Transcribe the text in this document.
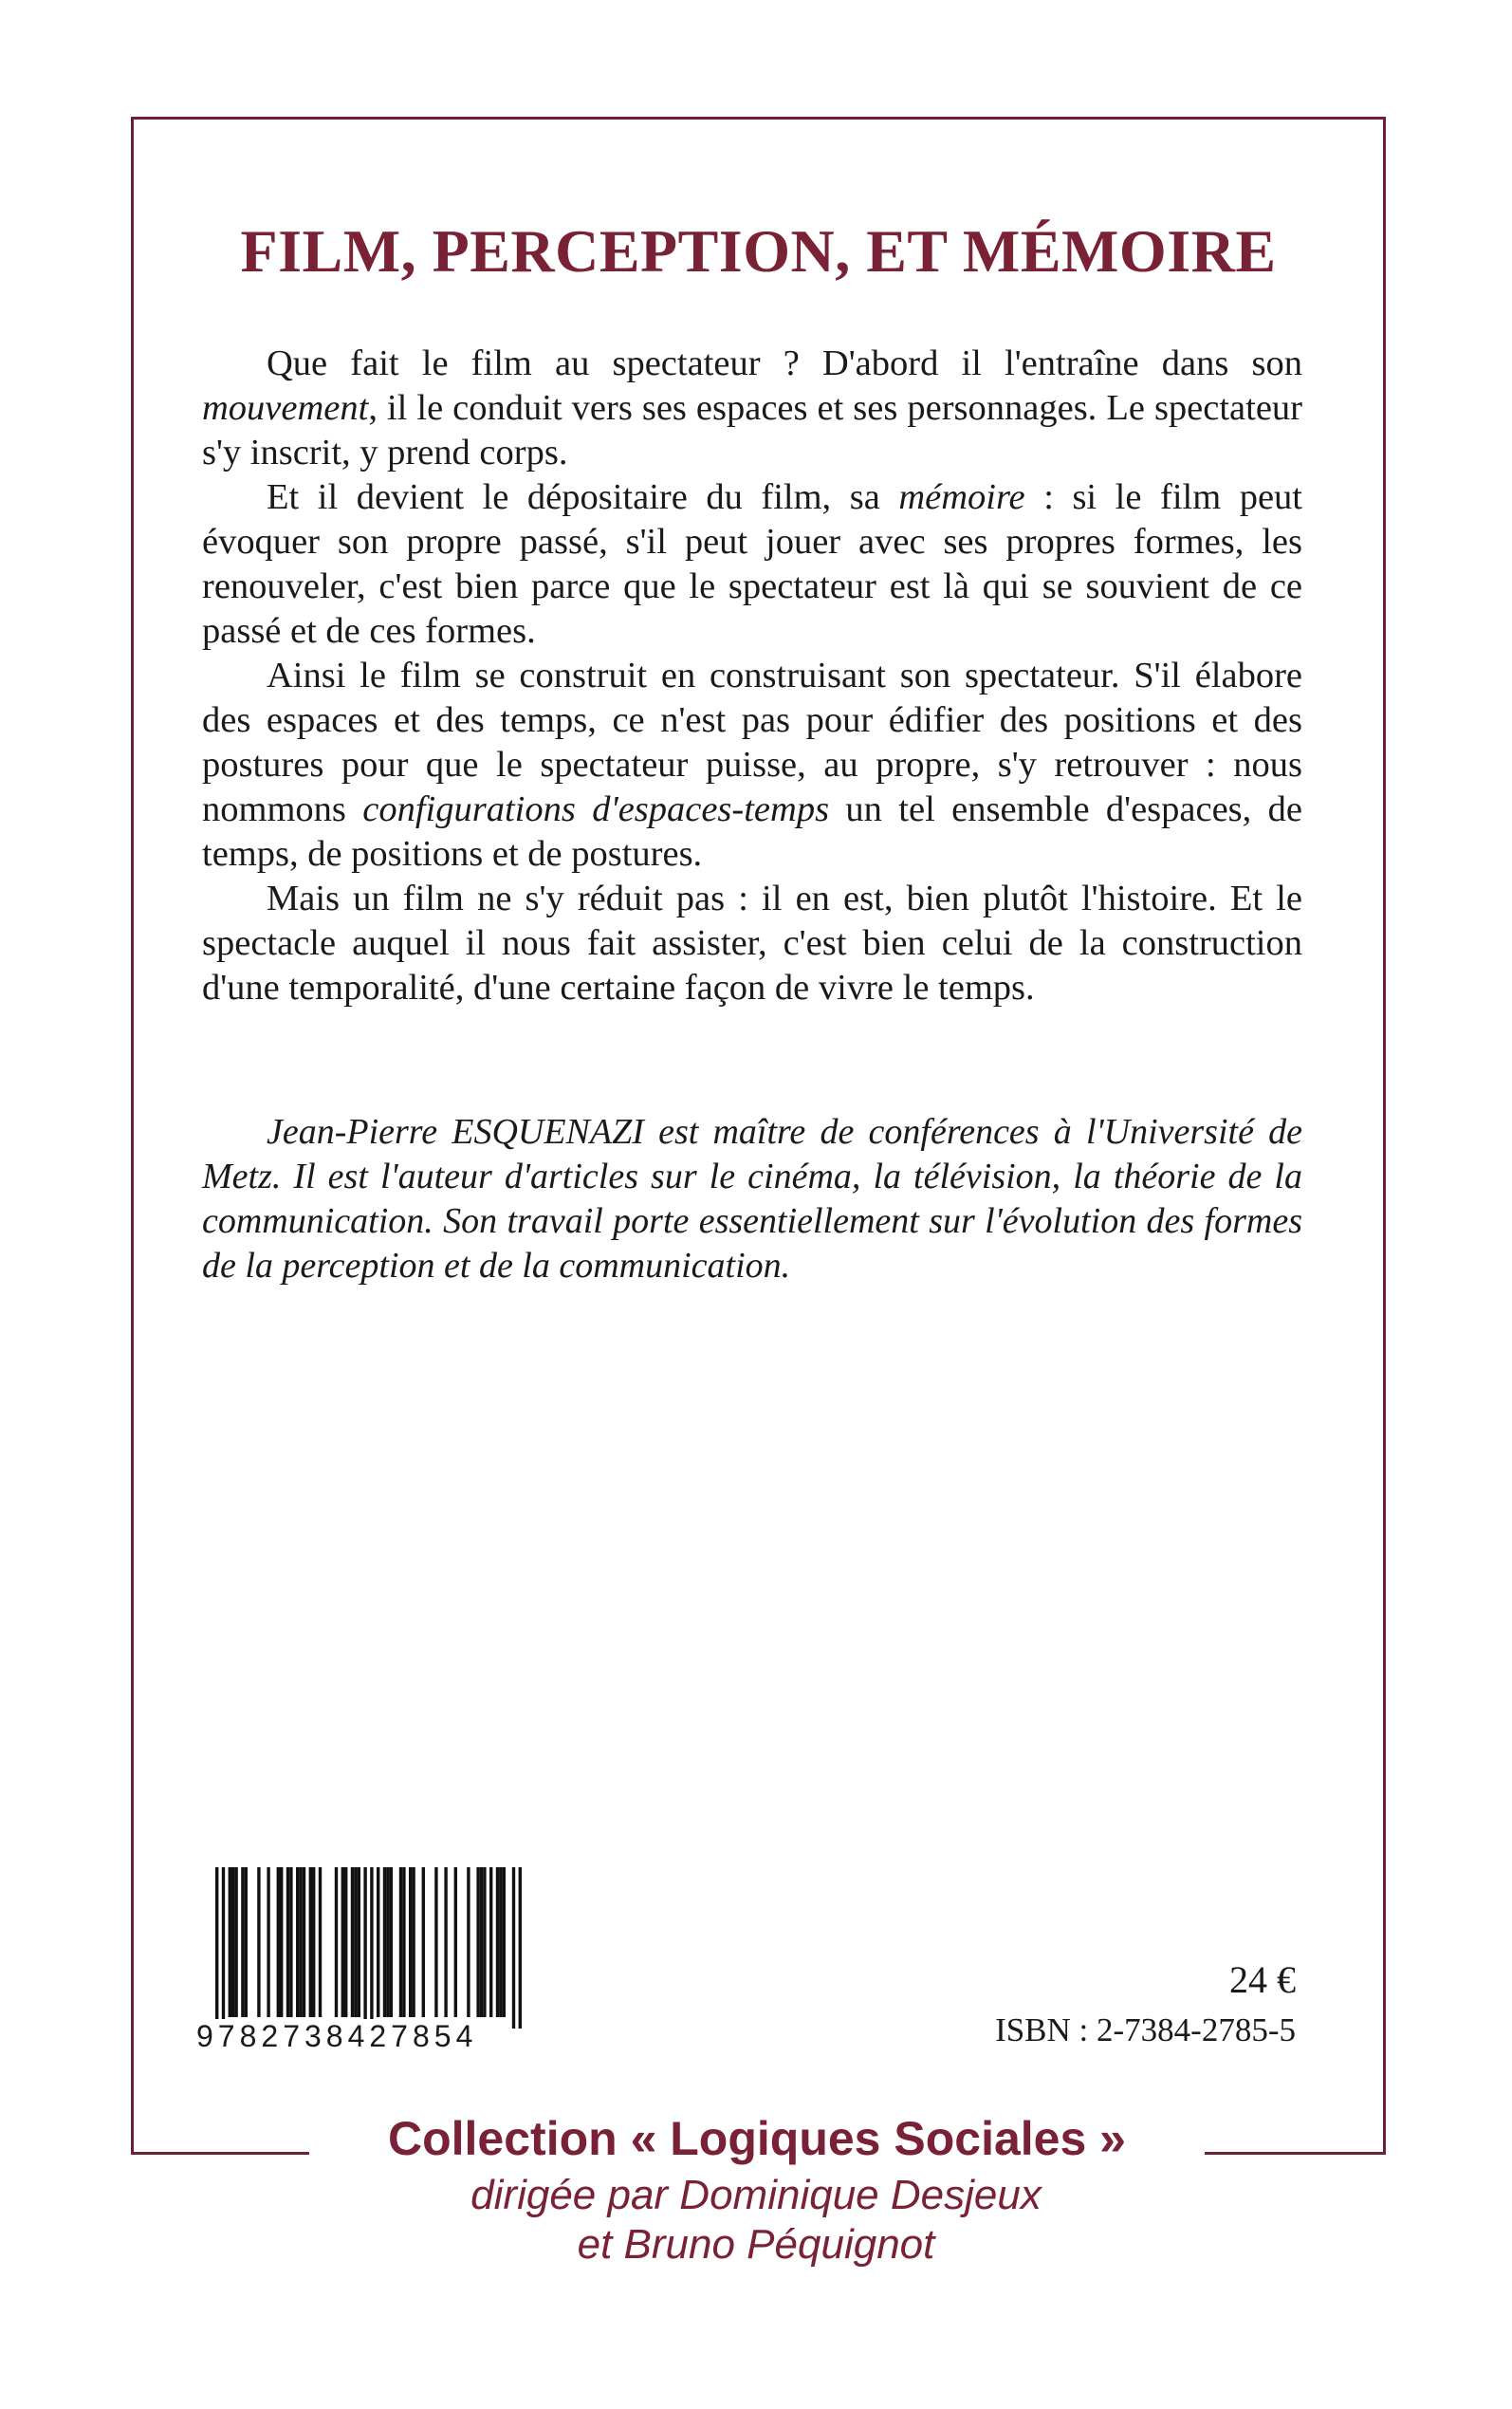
FILM, PERCEPTION, ET MÉMOIRE

Que fait le film au spectateur ? D'abord il l'entraîne dans son mouvement, il le conduit vers ses espaces et ses personnages. Le spectateur s'y inscrit, y prend corps.

Et il devient le dépositaire du film, sa mémoire : si le film peut évoquer son propre passé, s'il peut jouer avec ses propres formes, les renouveler, c'est bien parce que le spectateur est là qui se souvient de ce passé et de ces formes.

Ainsi le film se construit en construisant son spectateur. S'il élabore des espaces et des temps, ce n'est pas pour édifier des positions et des postures pour que le spectateur puisse, au propre, s'y retrouver : nous nommons configurations d'espaces-temps un tel ensemble d'espaces, de temps, de positions et de postures.

Mais un film ne s'y réduit pas : il en est, bien plutôt l'histoire. Et le spectacle auquel il nous fait assister, c'est bien celui de la construction d'une temporalité, d'une certaine façon de vivre le temps.

Jean-Pierre ESQUENAZI est maître de conférences à l'Université de Metz. Il est l'auteur d'articles sur le cinéma, la télévision, la théorie de la communication. Son travail porte essentiellement sur l'évolution des formes de la perception et de la communication.

9782738427854
24 €
ISBN : 2-7384-2785-5
Collection « Logiques Sociales »
dirigée par Dominique Desjeux
et Bruno Péquignot
